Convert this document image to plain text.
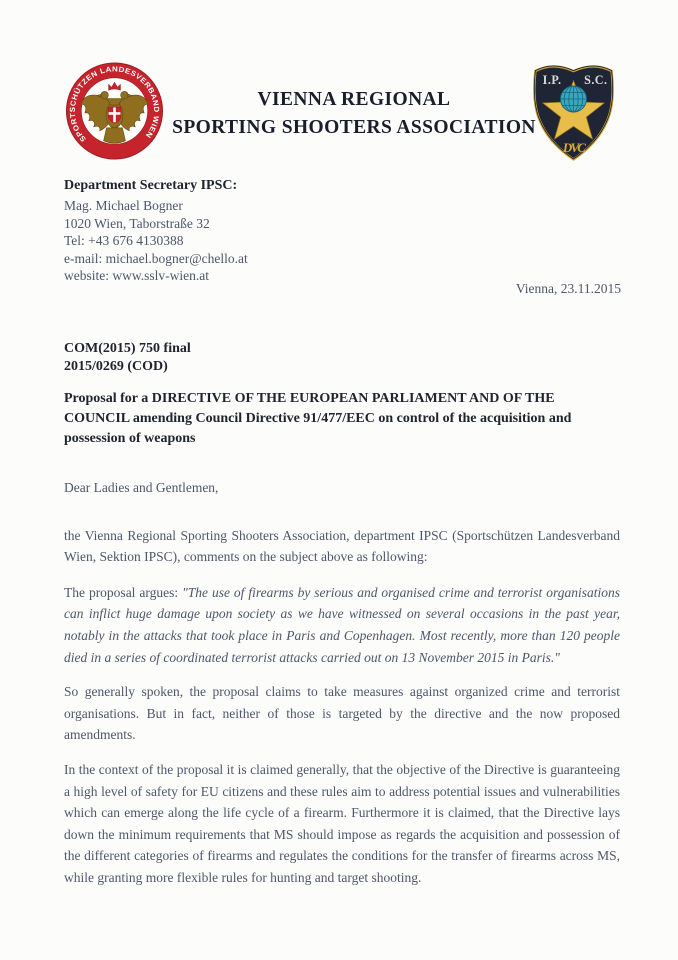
SPORTSCHÜTZEN LANDESVERBAND WIEN
VIENNA REGIONAL
SPORTING SHOOTERS ASSOCIATION
I.P. S.C.
DVC
Department Secretary IPSC:
Mag. Michael Bogner
1020 Wien, Taborstraße 32
Tel: +43 676 4130388
e-mail: michael.bogner@chello.at
website: www.sslv-wien.at
Vienna, 23.11.2015
COM(2015) 750 final
2015/0269 (COD)
Proposal for a DIRECTIVE OF THE EUROPEAN PARLIAMENT AND OF THE COUNCIL amending Council Directive 91/477/EEC on control of the acquisition and possession of weapons

Dear Ladies and Gentlemen,

the Vienna Regional Sporting Shooters Association, department IPSC (Sportschützen Landesverband Wien, Sektion IPSC), comments on the subject above as following:

The proposal argues: "The use of firearms by serious and organised crime and terrorist organisations can inflict huge damage upon society as we have witnessed on several occasions in the past year, notably in the attacks that took place in Paris and Copenhagen. Most recently, more than 120 people died in a series of coordinated terrorist attacks carried out on 13 November 2015 in Paris."

So generally spoken, the proposal claims to take measures against organized crime and terrorist organisations. But in fact, neither of those is targeted by the directive and the now proposed amendments.

In the context of the proposal it is claimed generally, that the objective of the Directive is guaranteeing a high level of safety for EU citizens and these rules aim to address potential issues and vulnerabilities which can emerge along the life cycle of a firearm. Furthermore it is claimed, that the Directive lays down the minimum requirements that MS should impose as regards the acquisition and possession of the different categories of firearms and regulates the conditions for the transfer of firearms across MS, while granting more flexible rules for hunting and target shooting.
